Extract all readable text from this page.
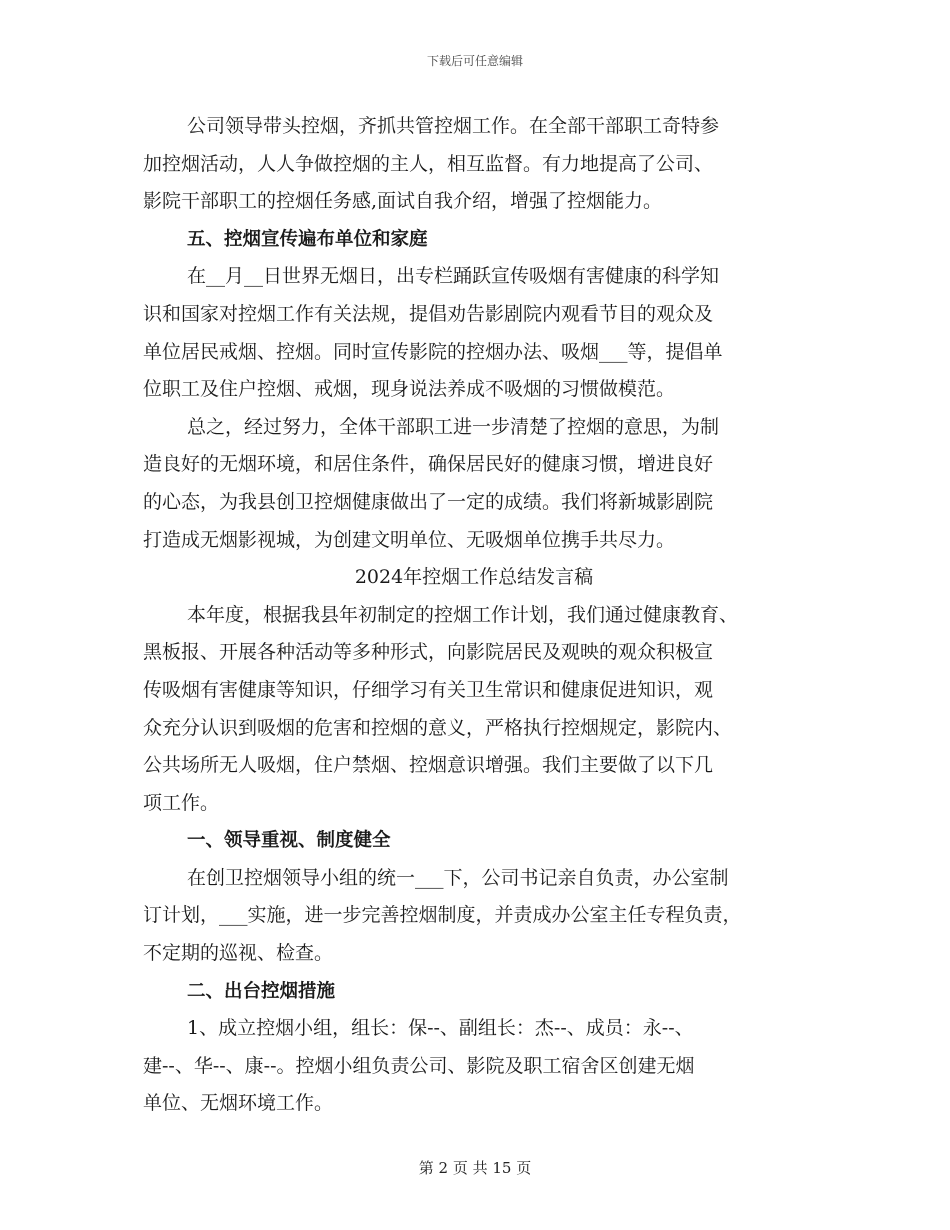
下载后可任意编辑
公司领导带头控烟，齐抓共管控烟工作。在全部干部职工奇特参
加控烟活动，人人争做控烟的主人，相互监督。有力地提高了公司、
影院干部职工的控烟任务感,面试自我介绍，增强了控烟能力。
五、控烟宣传遍布单位和家庭
在__月__日世界无烟日，出专栏踊跃宣传吸烟有害健康的科学知
识和国家对控烟工作有关法规，提倡劝告影剧院内观看节目的观众及
单位居民戒烟、控烟。同时宣传影院的控烟办法、吸烟___等，提倡单
位职工及住户控烟、戒烟，现身说法养成不吸烟的习惯做模范。
总之，经过努力，全体干部职工进一步清楚了控烟的意思，为制
造良好的无烟环境，和居住条件，确保居民好的健康习惯，增进良好
的心态，为我县创卫控烟健康做出了一定的成绩。我们将新城影剧院
打造成无烟影视城，为创建文明单位、无吸烟单位携手共尽力。
2024年控烟工作总结发言稿
本年度，根据我县年初制定的控烟工作计划，我们通过健康教育、
黑板报、开展各种活动等多种形式，向影院居民及观映的观众积极宣
传吸烟有害健康等知识，仔细学习有关卫生常识和健康促进知识，观
众充分认识到吸烟的危害和控烟的意义，严格执行控烟规定，影院内、
公共场所无人吸烟，住户禁烟、控烟意识增强。我们主要做了以下几
项工作。
一、领导重视、制度健全
在创卫控烟领导小组的统一___下，公司书记亲自负责，办公室制
订计划，___实施，进一步完善控烟制度，并责成办公室主任专程负责，
不定期的巡视、检查。
二、出台控烟措施
1、成立控烟小组，组长：保--、副组长：杰--、成员：永--、
建--、华--、康--。控烟小组负责公司、影院及职工宿舍区创建无烟
单位、无烟环境工作。
第 2 页 共 15 页
